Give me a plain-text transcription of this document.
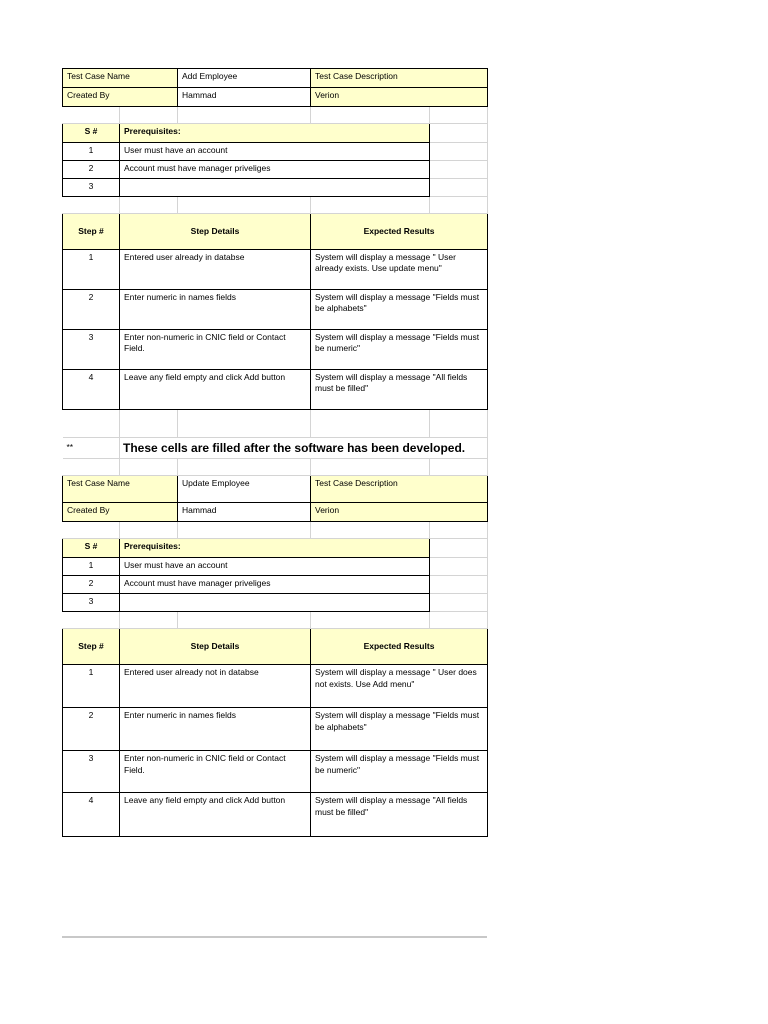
Test Case Name		Add Employee	Test Case Description	
Created By		Hammad	Verion	

S #	Prerequisites:			
1	User must have an account			
2	Account must have manager priveliges			
3				

Step #	Step Details		Expected Results	
1	Entered user already in databse		System will display a message " User already exists. Use update menu"	
2	Enter numeric in names fields		System will display a message "Fields must be alphabets"	
3	Enter non-numeric in CNIC field or Contact Field.		System will display a message "Fields must be numeric"	
4	Leave any field empty and click Add button		System will display a message "All fields must be filled"	

**	These cells are filled after the software has been developed.			

Test Case Name		Update Employee	Test Case Description	
Created By		Hammad	Verion	

S #	Prerequisites:			
1	User must have an account			
2	Account must have manager priveliges			
3				

Step #	Step Details		Expected Results	
1	Entered user already not in databse		System will display a message " User does not exists. Use Add menu"	
2	Enter numeric in names fields		System will display a message "Fields must be alphabets"	
3	Enter non-numeric in CNIC field or Contact Field.		System will display a message "Fields must be numeric"	
4	Leave any field empty and click Add button		System will display a message "All fields must be filled"	
